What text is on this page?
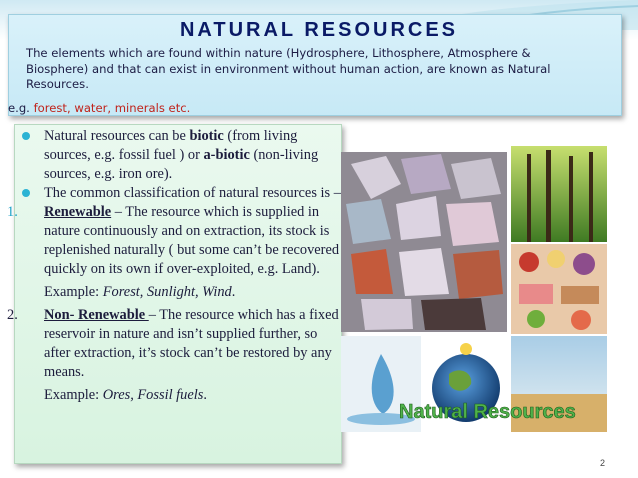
NATURAL RESOURCES
The elements which are found within nature (Hydrosphere, Lithosphere, Atmosphere &
Biosphere) and that can exist in environment without human action, are known as Natural
Resources.
e.g. forest, water, minerals etc.
Natural resources can be biotic (from living sources, e.g. fossil fuel ) or a-biotic (non-living sources, e.g. iron ore).
The common classification of natural resources is –
1. Renewable – The resource which is supplied in nature continuously and on extraction, its stock is replenished naturally ( but some can’t be recovered quickly on its own if over-exploited, e.g. Land).
Example: Forest, Sunlight, Wind.
2. Non- Renewable – The resource which has a fixed reservoir in nature and isn’t supplied further, so after extraction, it’s stock can’t be restored by any means.
Example: Ores, Fossil fuels.
Natural Resources
2
